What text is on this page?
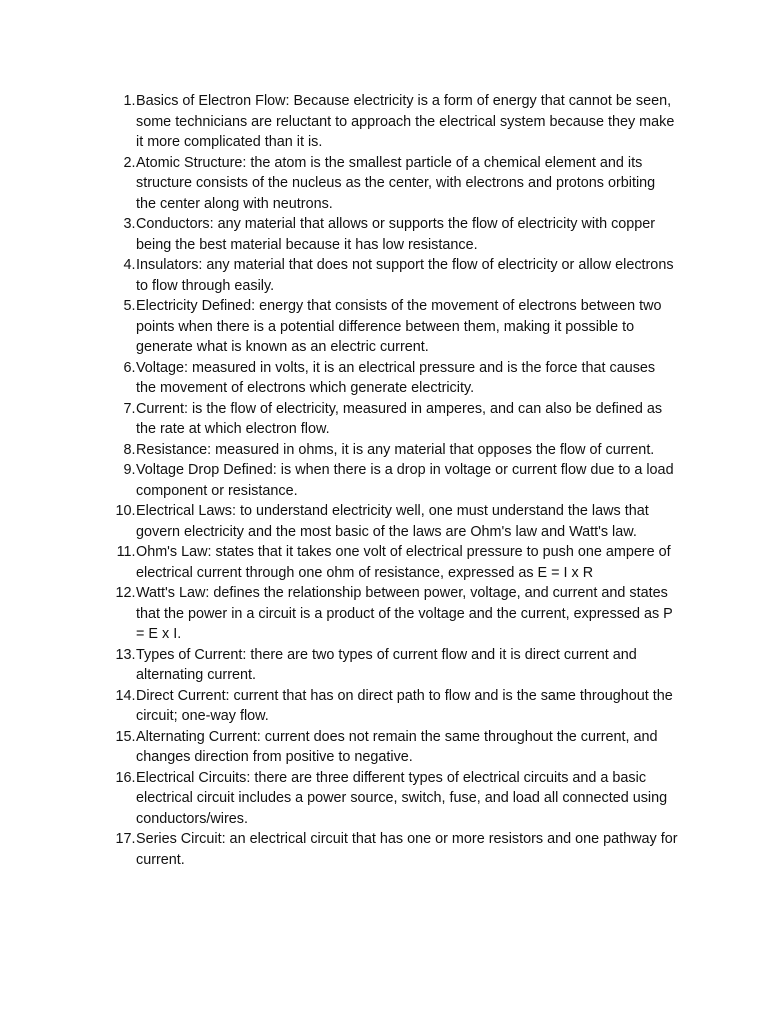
1. Basics of Electron Flow: Because electricity is a form of energy that cannot be seen, some technicians are reluctant to approach the electrical system because they make it more complicated than it is.
2. Atomic Structure: the atom is the smallest particle of a chemical element and its structure consists of the nucleus as the center, with electrons and protons orbiting the center along with neutrons.
3. Conductors: any material that allows or supports the flow of electricity with copper being the best material because it has low resistance.
4. Insulators: any material that does not support the flow of electricity or allow electrons to flow through easily.
5. Electricity Defined: energy that consists of the movement of electrons between two points when there is a potential difference between them, making it possible to generate what is known as an electric current.
6. Voltage: measured in volts, it is an electrical pressure and is the force that causes the movement of electrons which generate electricity.
7. Current: is the flow of electricity, measured in amperes, and can also be defined as the rate at which electron flow.
8. Resistance: measured in ohms, it is any material that opposes the flow of current.
9. Voltage Drop Defined: is when there is a drop in voltage or current flow due to a load component or resistance.
10. Electrical Laws: to understand electricity well, one must understand the laws that govern electricity and the most basic of the laws are Ohm's law and Watt's law.
11. Ohm's Law: states that it takes one volt of electrical pressure to push one ampere of electrical current through one ohm of resistance, expressed as E = I x R
12. Watt's Law: defines the relationship between power, voltage, and current and states that the power in a circuit is a product of the voltage and the current, expressed as P = E x I.
13. Types of Current: there are two types of current flow and it is direct current and alternating current.
14. Direct Current: current that has on direct path to flow and is the same throughout the circuit; one-way flow.
15. Alternating Current: current does not remain the same throughout the current, and changes direction from positive to negative.
16. Electrical Circuits: there are three different types of electrical circuits and a basic electrical circuit includes a power source, switch, fuse, and load all connected using conductors/wires.
17. Series Circuit: an electrical circuit that has one or more resistors and one pathway for current.
